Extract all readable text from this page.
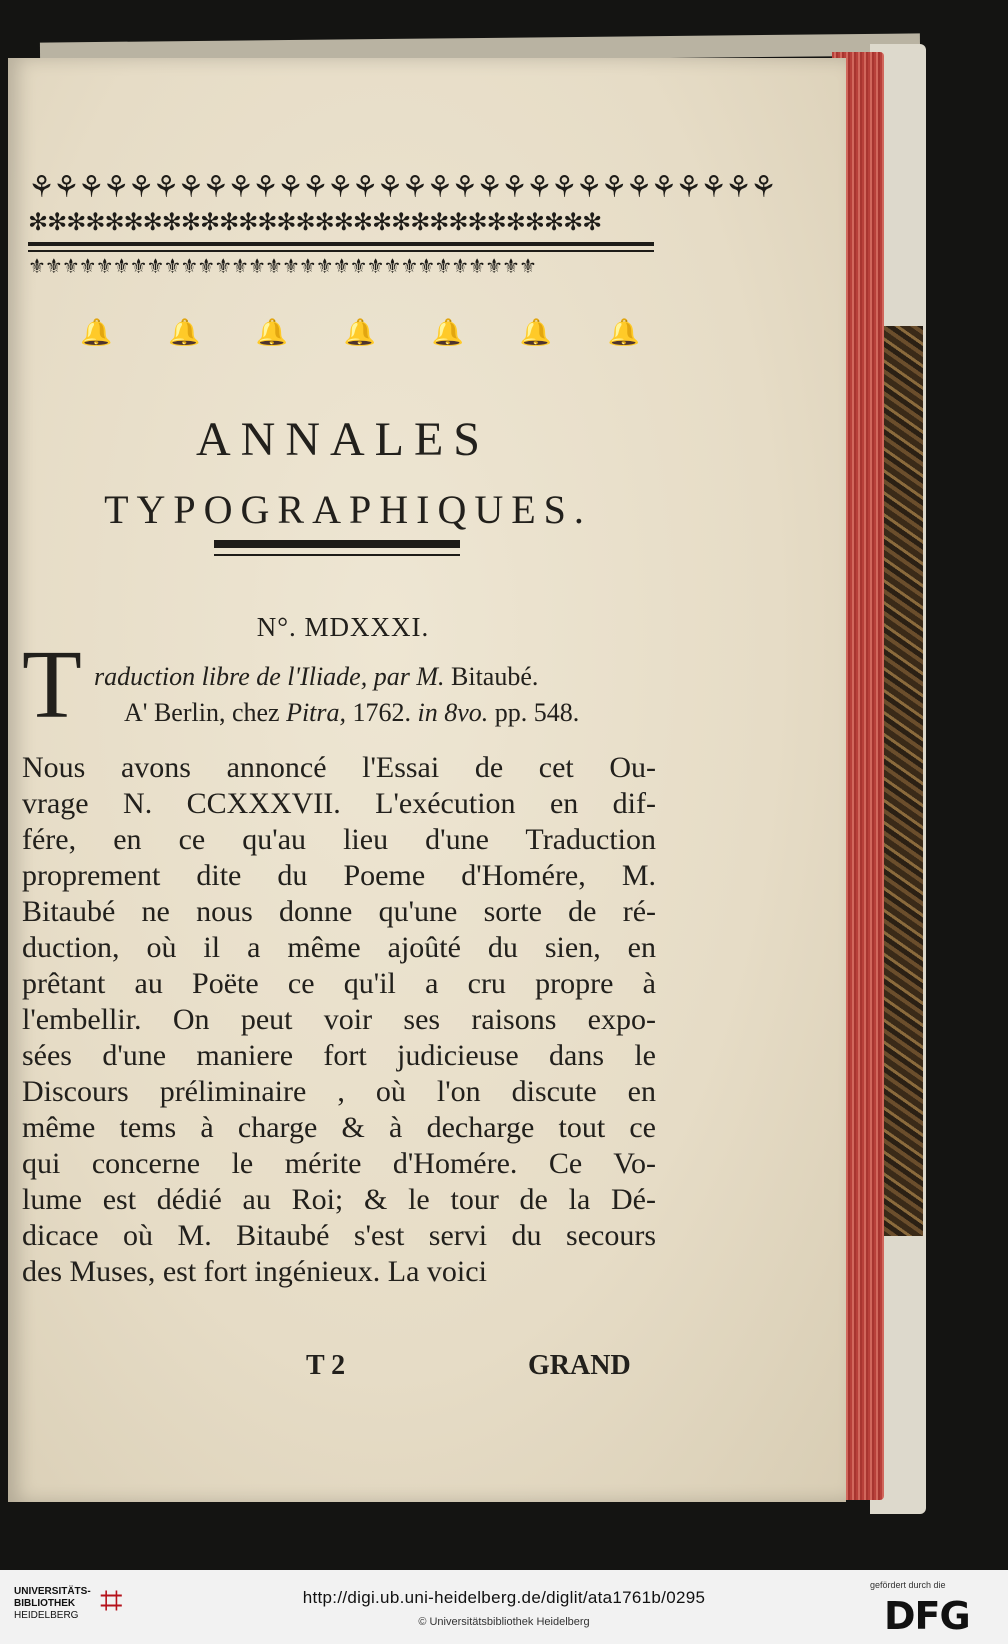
⚘⚘⚘⚘⚘⚘⚘⚘⚘⚘⚘⚘⚘⚘⚘⚘⚘⚘⚘⚘⚘⚘⚘⚘⚘⚘⚘⚘⚘⚘
✻✻✻✻✻✻✻✻✻✻✻✻✻✻✻✻✻✻✻✻✻✻✻✻✻✻✻✻✻✻
⚜⚜⚜⚜⚜⚜⚜⚜⚜⚜⚜⚜⚜⚜⚜⚜⚜⚜⚜⚜⚜⚜⚜⚜⚜⚜⚜⚜⚜⚜
🔔 🔔 🔔 🔔 🔔 🔔 🔔
ANNALES
TYPOGRAPHIQUES.
N°. MDXXXI.
T raduction libre de l'Iliade, par M. Bitaubé.
A' Berlin, chez Pitra, 1762. in 8vo. pp. 548.
Nous avons annoncé l'Essai de cet Ou-
vrage N. CCXXXVII. L'exécution en dif-
fére, en ce qu'au lieu d'une Traduction
proprement dite du Poeme d'Homére, M.
Bitaubé ne nous donne qu'une sorte de ré-
duction, où il a même ajoûté du sien, en
prêtant au Poëte ce qu'il a cru propre à
l'embellir. On peut voir ses raisons expo-
sées d'une maniere fort judicieuse dans le
Discours préliminaire , où l'on discute en
même tems à charge & à decharge tout ce
qui concerne le mérite d'Homére. Ce Vo-
lume est dédié au Roi; & le tour de la Dé-
dicace où M. Bitaubé s'est servi du secours
des Muses, est fort ingénieux. La voici
T 2	GRAND
UNIVERSITÄTS-
BIBLIOTHEK
HEIDELBERG ⌗	http://digi.ub.uni-heidelberg.de/diglit/ata1761b/0295
© Universitätsbibliothek Heidelberg
gefördert durch die
DFG
